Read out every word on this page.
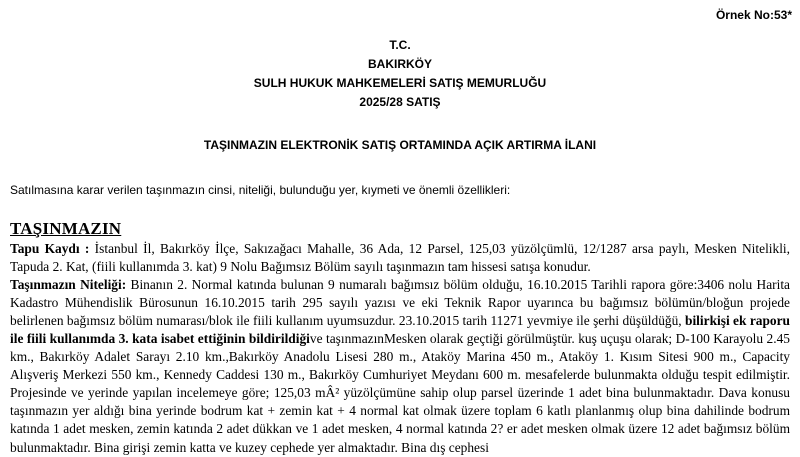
Örnek No:53*
T.C.
BAKIRKÖY
SULH HUKUK MAHKEMELERİ SATIŞ MEMURLUĞU
2025/28 SATIŞ
TAŞINMAZIN ELEKTRONİK SATIŞ ORTAMINDA AÇIK ARTIRMA İLANI
Satılmasına karar verilen taşınmazın cinsi, niteliği, bulunduğu yer, kıymeti ve önemli özellikleri:
TAŞINMAZIN

Tapu Kaydı : İstanbul İl, Bakırköy İlçe, Sakızağacı Mahalle, 36 Ada, 12 Parsel, 125,03 yüzölçümlü, 12/1287 arsa paylı, Mesken Nitelikli, Tapuda 2. Kat, (fiili kullanımda 3. kat) 9 Nolu Bağımsız Bölüm sayılı taşınmazın tam hissesi satışa konudur.

Taşınmazın Niteliği: Binanın 2. Normal katında bulunan 9 numaralı bağımsız bölüm olduğu, 16.10.2015 Tarihli rapora göre:3406 nolu Harita Kadastro Mühendislik Bürosunun 16.10.2015 tarih 295 sayılı yazısı ve eki Teknik Rapor uyarınca bu bağımsız bölümün/bloğun projede belirlenen bağımsız bölüm numarası/blok ile fiili kullanım uyumsuzdur. 23.10.2015 tarih 11271 yevmiye ile şerhi düşüldüğü, bilirkişi ek raporu ile fiili kullanımda 3. kata isabet ettiğinin bildirildiğive taşınmazınMesken olarak geçtiği görülmüştür. kuş uçuşu olarak; D-100 Karayolu 2.45 km., Bakırköy Adalet Sarayı 2.10 km.,Bakırköy Anadolu Lisesi 280 m., Ataköy Marina 450 m., Ataköy 1. Kısım Sitesi 900 m., Capacity Alışveriş Merkezi 550 km., Kennedy Caddesi 130 m., Bakırköy Cumhuriyet Meydanı 600 m. mesafelerde bulunmakta olduğu tespit edilmiştir. Projesinde ve yerinde yapılan incelemeye göre; 125,03 mÂ² yüzölçümüne sahip olup parsel üzerinde 1 adet bina bulunmaktadır. Dava konusu taşınmazın yer aldığı bina yerinde bodrum kat + zemin kat + 4 normal kat olmak üzere toplam 6 katlı planlanmış olup bina dahilinde bodrum katında 1 adet mesken, zemin katında 2 adet dükkan ve 1 adet mesken, 4 normal katında 2? er adet mesken olmak üzere 12 adet bağımsız bölüm bulunmaktadır. Bina girişi zemin katta ve kuzey cephede yer almaktadır. Bina dış cephesi
